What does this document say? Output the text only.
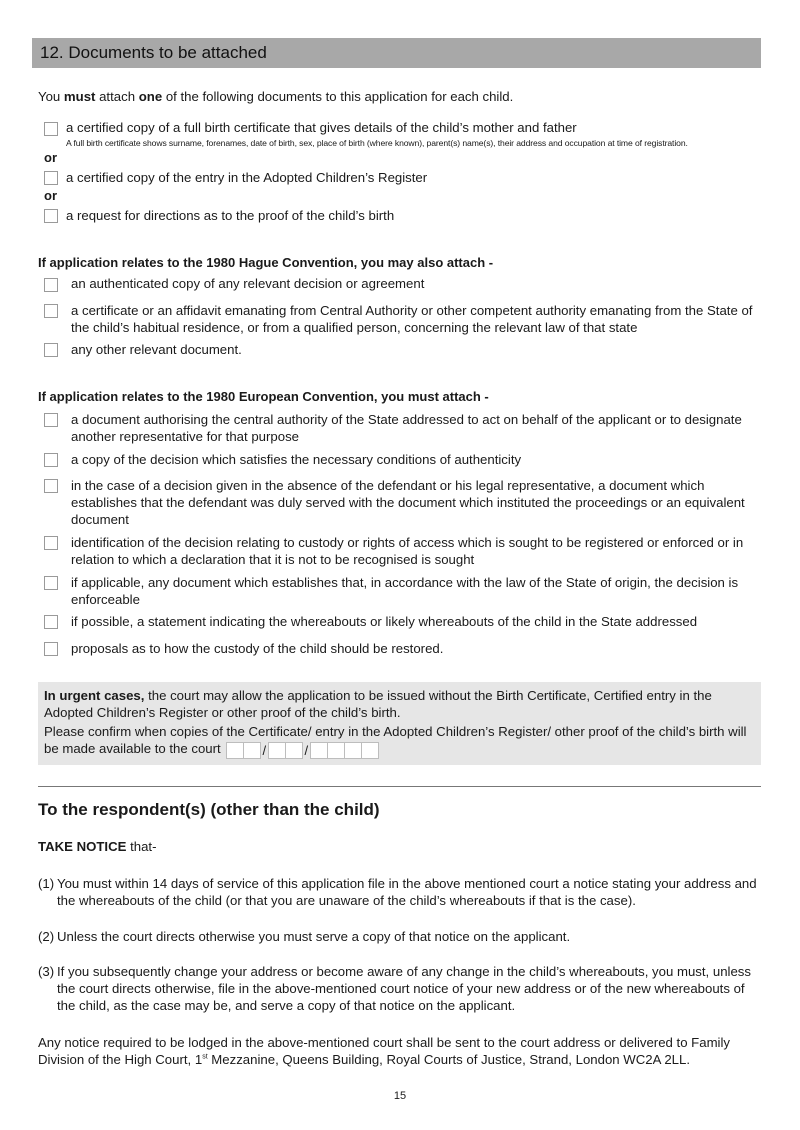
12. Documents to be attached
You must attach one of the following documents to this application for each child.
a certified copy of a full birth certificate that gives details of the child’s mother and father
A full birth certificate shows surname, forenames, date of birth, sex, place of birth (where known), parent(s) name(s), their address and occupation at time of registration.
or
a certified copy of the entry in the Adopted Children’s Register
or
a request for directions as to the proof of the child’s birth
If application relates to the 1980 Hague Convention, you may also attach -
an authenticated copy of any relevant decision or agreement
a certificate or an affidavit emanating from Central Authority or other competent authority emanating from the State of the child’s habitual residence, or from a qualified person, concerning the relevant law of that state
any other relevant document.
If application relates to the 1980 European Convention, you must attach -
a document authorising the central authority of the State addressed to act on behalf of the applicant or to designate another representative for that purpose
a copy of the decision which satisfies the necessary conditions of authenticity
in the case of a decision given in the absence of the defendant or his legal representative, a document which establishes that the defendant was duly served with the document which instituted the proceedings or an equivalent document
identification of the decision relating to custody or rights of access which is sought to be registered or enforced or in relation to which a declaration that it is not to be recognised is sought
if applicable, any document which establishes that, in accordance with the law of the State of origin, the decision is enforceable
if possible, a statement indicating the whereabouts or likely whereabouts of the child in the State addressed
proposals as to how the custody of the child should be restored.
In urgent cases, the court may allow the application to be issued without the Birth Certificate, Certified entry in the Adopted Children’s Register or other proof of the child’s birth.
Please confirm when copies of the Certificate/ entry in the Adopted Children’s Register/ other proof of the child’s birth will be made available to the court	/	/
To the respondent(s) (other than the child)
TAKE NOTICE that-
(1) You must within 14 days of service of this application file in the above mentioned court a notice stating your address and the whereabouts of the child (or that you are unaware of the child’s whereabouts if that is the case).
(2) Unless the court directs otherwise you must serve a copy of that notice on the applicant.
(3) If you subsequently change your address or become aware of any change in the child’s whereabouts, you must, unless the court directs otherwise, file in the above-mentioned court notice of your new address or of the new whereabouts of the child, as the case may be, and serve a copy of that notice on the applicant.
Any notice required to be lodged in the above-mentioned court shall be sent to the court address or delivered to Family Division of the High Court, 1st Mezzanine, Queens Building, Royal Courts of Justice, Strand, London WC2A 2LL.
15
